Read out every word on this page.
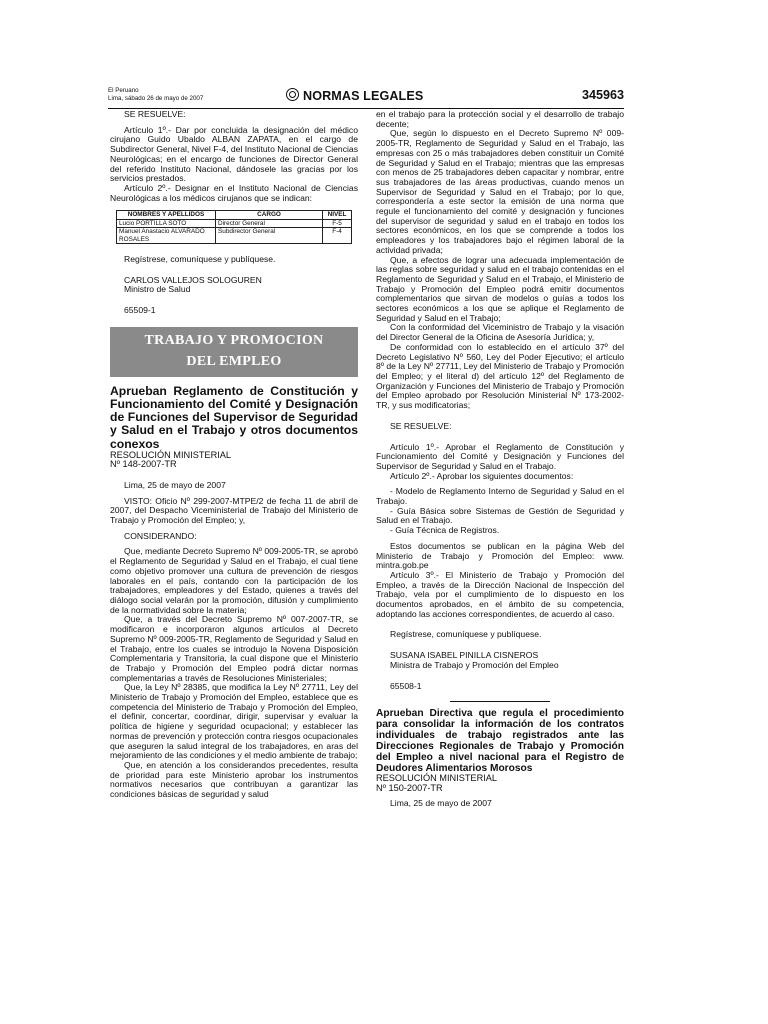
El Peruano
Lima, sábado 26 de mayo de 2007	NORMAS LEGALES	345963

SE RESUELVE:

Artículo 1º.- Dar por concluida la designación del médico cirujano Guido Ubaldo ALBAN ZAPATA, en el cargo de Subdirector General, Nivel F-4, del Instituto Nacional de Ciencias Neurológicas; en el encargo de funciones de Director General del referido Instituto Nacional, dándosele las gracias por los servicios prestados.

Artículo 2º.- Designar en el Instituto Nacional de Ciencias Neurológicas a los médicos cirujanos que se indican:

NOMBRES Y APELLIDOS	CARGO	NIVEL
Lucio PORTILLA SOTO	Director General	F-5
Manuel Anastacio ALVARADO ROSALES	Subdirector General	F-4

Regístrese, comuníquese y publíquese.

CARLOS VALLEJOS SOLOGUREN

Ministro de Salud

65509-1

TRABAJO Y PROMOCION
DEL EMPLEO

Aprueban Reglamento de Constitución y Funcionamiento del Comité y Designación de Funciones del Supervisor de Seguridad y Salud en el Trabajo y otros documentos conexos

RESOLUCIÓN MINISTERIAL

Nº 148-2007-TR

Lima, 25 de mayo de 2007

VISTO: Oficio Nº 299-2007-MTPE/2 de fecha 11 de abril de 2007, del Despacho Viceministerial de Trabajo del Ministerio de Trabajo y Promoción del Empleo; y,

CONSIDERANDO:

Que, mediante Decreto Supremo Nº 009-2005-TR, se aprobó el Reglamento de Seguridad y Salud en el Trabajo, el cual tiene como objetivo promover una cultura de prevención de riesgos laborales en el país, contando con la participación de los trabajadores, empleadores y del Estado, quienes a través del diálogo social velarán por la promoción, difusión y cumplimiento de la normatividad sobre la materia;

Que, a través del Decreto Supremo Nº 007-2007-TR, se modificaron e incorporaron algunos artículos al Decreto Supremo Nº 009-2005-TR, Reglamento de Seguridad y Salud en el Trabajo, entre los cuales se introdujo la Novena Disposición Complementaria y Transitoria, la cual dispone que el Ministerio de Trabajo y Promoción del Empleo podrá dictar normas complementarias a través de Resoluciones Ministeriales;

Que, la Ley Nº 28385, que modifica la Ley Nº 27711, Ley del Ministerio de Trabajo y Promoción del Empleo, establece que es competencia del Ministerio de Trabajo y Promoción del Empleo, el definir, concertar, coordinar, dirigir, supervisar y evaluar la política de higiene y seguridad ocupacional; y establecer las normas de prevención y protección contra riesgos ocupacionales que aseguren la salud integral de los trabajadores, en aras del mejoramiento de las condiciones y el medio ambiente de trabajo;

Que, en atención a los considerandos precedentes, resulta de prioridad para este Ministerio aprobar los instrumentos normativos necesarios que contribuyan a garantizar las condiciones básicas de seguridad y salud

en el trabajo para la protección social y el desarrollo de trabajo decente;

Que, según lo dispuesto en el Decreto Supremo Nº 009-2005-TR, Reglamento de Seguridad y Salud en el Trabajo, las empresas con 25 o más trabajadores deben constituir un Comité de Seguridad y Salud en el Trabajo; mientras que las empresas con menos de 25 trabajadores deben capacitar y nombrar, entre sus trabajadores de las áreas productivas, cuando menos un Supervisor de Seguridad y Salud en el Trabajo; por lo que, correspondería a este sector la emisión de una norma que regule el funcionamiento del comité y designación y funciones del supervisor de seguridad y salud en el trabajo en todos los sectores económicos, en los que se comprende a todos los empleadores y los trabajadores bajo el régimen laboral de la actividad privada;

Que, a efectos de lograr una adecuada implementación de las reglas sobre seguridad y salud en el trabajo contenidas en el Reglamento de Seguridad y Salud en el Trabajo, el Ministerio de Trabajo y Promoción del Empleo podrá emitir documentos complementarios que sirvan de modelos o guías a todos los sectores económicos a los que se aplique el Reglamento de Seguridad y Salud en el Trabajo;

Con la conformidad del Viceministro de Trabajo y la visación del Director General de la Oficina de Asesoría Jurídica; y,

De conformidad con lo establecido en el artículo 37º del Decreto Legislativo Nº 560, Ley del Poder Ejecutivo; el artículo 8º de la Ley Nº 27711, Ley del Ministerio de Trabajo y Promoción del Empleo; y el literal d) del artículo 12º del Reglamento de Organización y Funciones del Ministerio de Trabajo y Promoción del Empleo aprobado por Resolución Ministerial Nº 173-2002-TR, y sus modificatorias;

SE RESUELVE:

Artículo 1º.- Aprobar el Reglamento de Constitución y Funcionamiento del Comité y Designación y Funciones del Supervisor de Seguridad y Salud en el Trabajo.

Artículo 2º.- Aprobar los siguientes documentos:

- Modelo de Reglamento Interno de Seguridad y Salud en el Trabajo.

- Guía Básica sobre Sistemas de Gestión de Seguridad y Salud en el Trabajo.

- Guía Técnica de Registros.

Estos documentos se publican en la página Web del Ministerio de Trabajo y Promoción del Empleo: www. mintra.gob.pe

Artículo 3º.- El Ministerio de Trabajo y Promoción del Empleo, a través de la Dirección Nacional de Inspección del Trabajo, vela por el cumplimiento de lo dispuesto en los documentos aprobados, en el ámbito de su competencia, adoptando las acciones correspondientes, de acuerdo al caso.

Regístrese, comuníquese y publíquese.

SUSANA ISABEL PINILLA CISNEROS

Ministra de Trabajo y Promoción del Empleo

65508-1

Aprueban Directiva que regula el procedimiento para consolidar la información de los contratos individuales de trabajo registrados ante las Direcciones Regionales de Trabajo y Promoción del Empleo a nivel nacional para el Registro de Deudores Alimentarios Morosos

RESOLUCIÓN MINISTERIAL

Nº 150-2007-TR

Lima, 25 de mayo de 2007
